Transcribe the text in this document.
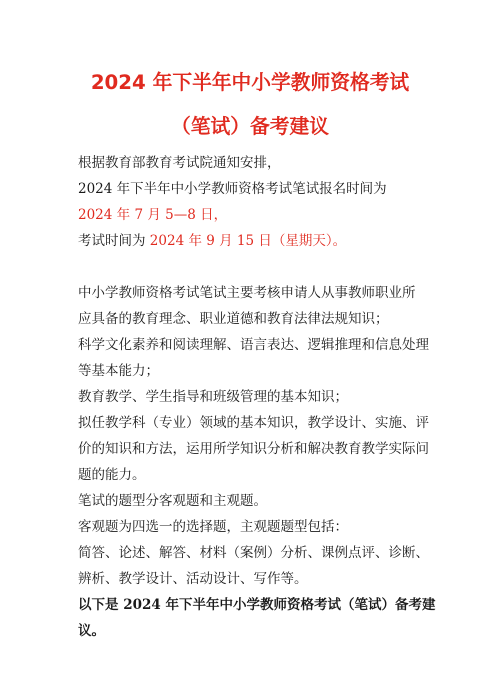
2024 年下半年中小学教师资格考试
（笔试）备考建议
根据教育部教育考试院通知安排，
2024 年下半年中小学教师资格考试笔试报名时间为
2024 年 7 月 5—8 日，
考试时间为 2024 年 9 月 15 日（星期天）。
中小学教师资格考试笔试主要考核申请人从事教师职业所
应具备的教育理念、职业道德和教育法律法规知识；
科学文化素养和阅读理解、语言表达、逻辑推理和信息处理
等基本能力；
教育教学、学生指导和班级管理的基本知识；
拟任教学科（专业）领域的基本知识，教学设计、实施、评
价的知识和方法，运用所学知识分析和解决教育教学实际问
题的能力。
笔试的题型分客观题和主观题。
客观题为四选一的选择题，主观题题型包括：
简答、论述、解答、材料（案例）分析、课例点评、诊断、
辨析、教学设计、活动设计、写作等。
以下是 2024 年下半年中小学教师资格考试（笔试）备考建
议。
